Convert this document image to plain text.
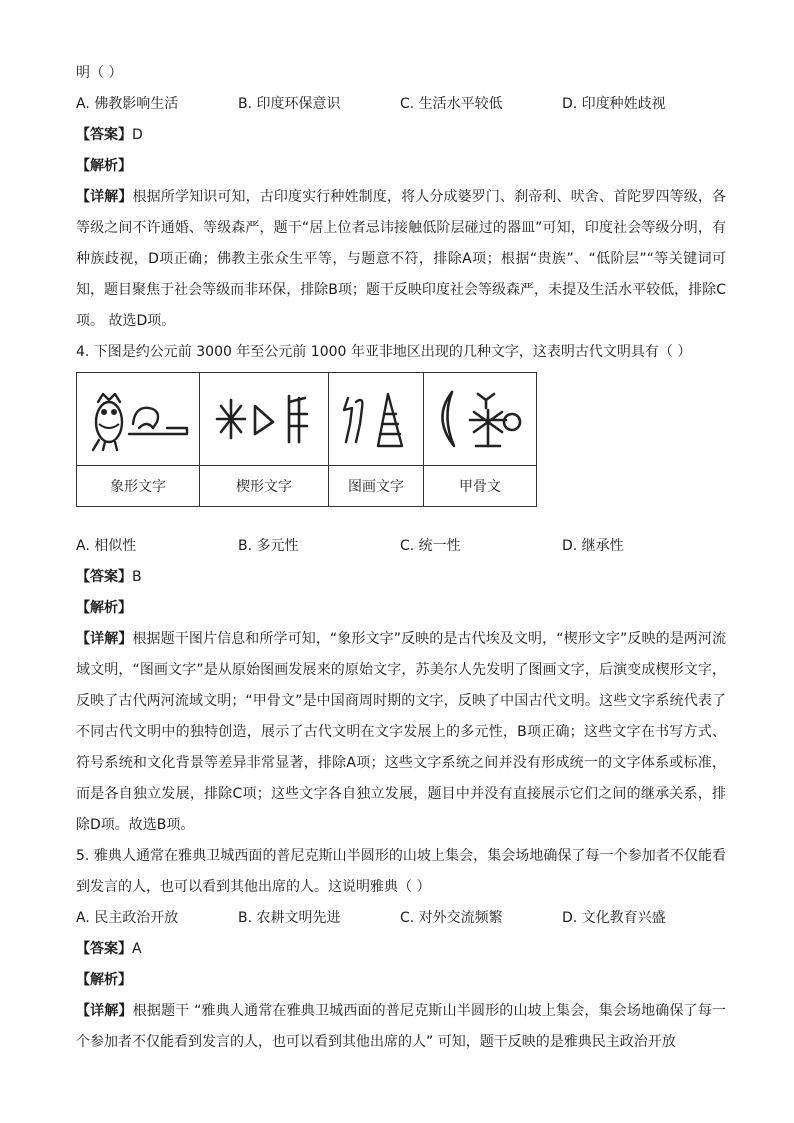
明（ ）
A. 佛教影响生活	B. 印度环保意识	C. 生活水平较低	D. 印度种姓歧视
【答案】D
【解析】
【详解】根据所学知识可知，古印度实行种姓制度，将人分成婆罗门、刹帝利、吠舍、首陀罗四等级，各等级之间不许通婚、等级森严，题干“居上位者忌讳接触低阶层碰过的器皿”可知，印度社会等级分明，有种族歧视，D项正确；佛教主张众生平等，与题意不符，排除A项；根据“贵族”、“低阶层”“等关键词可知，题目聚焦于社会等级而非环保，排除B项；题干反映印度社会等级森严，未提及生活水平较低，排除C项。 故选D项。
4. 下图是约公元前 3000 年至公元前 1000 年亚非地区出现的几种文字，这表明古代文明具有（ ）

象形文字	楔形文字	图画文字	甲骨文
A. 相似性	B. 多元性	C. 统一性	D. 继承性
【答案】B
【解析】
【详解】根据题干图片信息和所学可知，“象形文字”反映的是古代埃及文明，“楔形文字”反映的是两河流域文明，“图画文字”是从原始图画发展来的原始文字，苏美尔人先发明了图画文字，后演变成楔形文字，反映了古代两河流域文明；“甲骨文”是中国商周时期的文字，反映了中国古代文明。这些文字系统代表了不同古代文明中的独特创造，展示了古代文明在文字发展上的多元性，B项正确；这些文字在书写方式、符号系统和文化背景等差异非常显著，排除A项；这些文字系统之间并没有形成统一的文字体系或标准，而是各自独立发展，排除C项；这些文字各自独立发展，题目中并没有直接展示它们之间的继承关系，排除D项。故选B项。
5. 雅典人通常在雅典卫城西面的普尼克斯山半圆形的山坡上集会，集会场地确保了每一个参加者不仅能看到发言的人，也可以看到其他出席的人。这说明雅典（ ）
A. 民主政治开放	B. 农耕文明先进	C. 对外交流频繁	D. 文化教育兴盛
【答案】A
【解析】
【详解】根据题干 “雅典人通常在雅典卫城西面的普尼克斯山半圆形的山坡上集会，集会场地确保了每一个参加者不仅能看到发言的人，也可以看到其他出席的人” 可知，题干反映的是雅典民主政治开放
